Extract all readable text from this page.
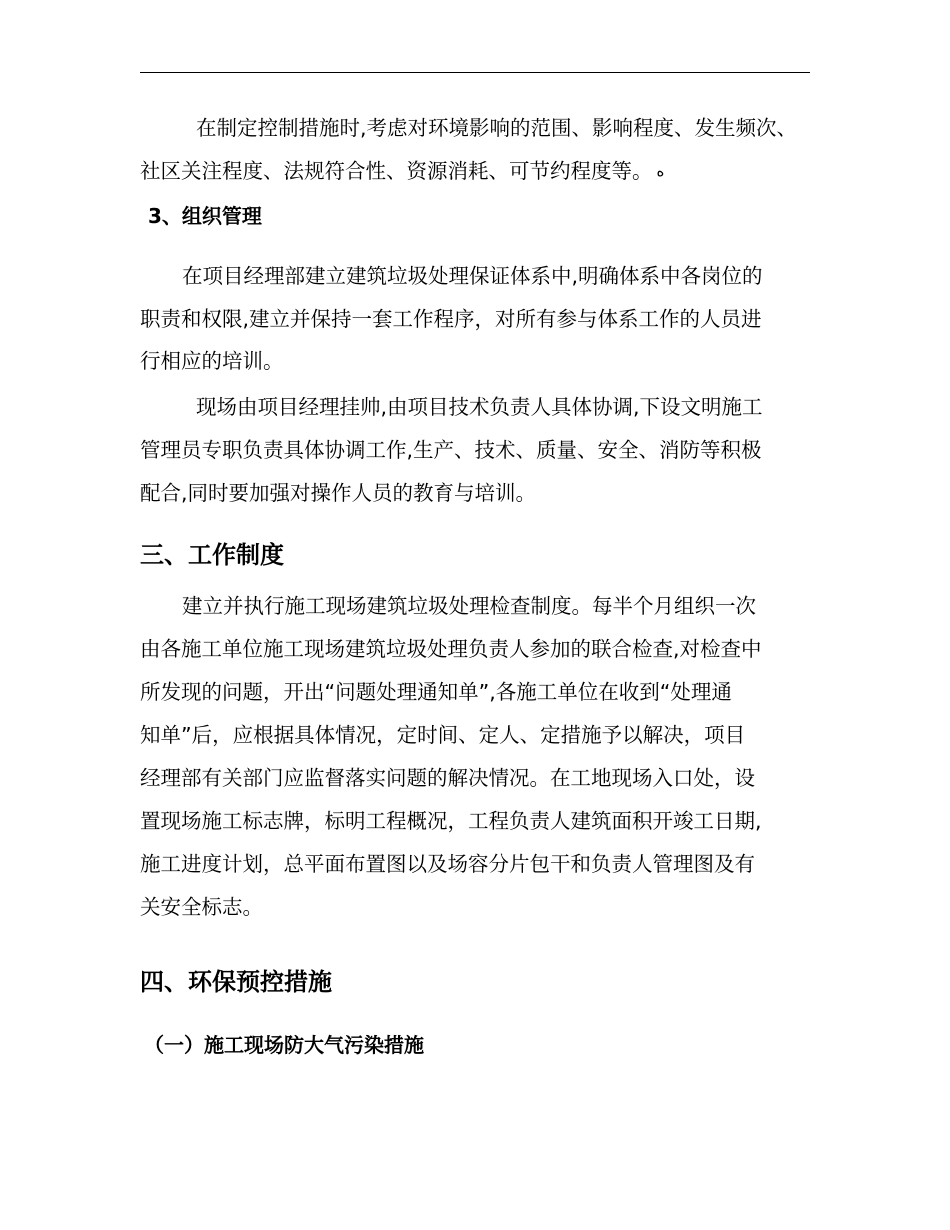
在制定控制措施时,考虑对环境影响的范围、影响程度、发生频次、
社区关注程度、法规符合性、资源消耗、可节约程度等。 ﻩ
3、组织管理
在项目经理部建立建筑垃圾处理保证体系中,明确体系中各岗位的
职责和权限,建立并保持一套工作程序，对所有参与体系工作的人员进
行相应的培训。
现场由项目经理挂帅,由项目技术负责人具体协调,下设文明施工
管理员专职负责具体协调工作,生产、技术、质量、安全、消防等积极
配合,同时要加强对操作人员的教育与培训。
三、工作制度
建立并执行施工现场建筑垃圾处理检查制度。每半个月组织一次
由各施工单位施工现场建筑垃圾处理负责人参加的联合检查,对检查中
所发现的问题，开出“问题处理通知单”,各施工单位在收到“处理通
知单”后，应根据具体情况，定时间、定人、定措施予以解决，项目
经理部有关部门应监督落实问题的解决情况。在工地现场入口处，设
置现场施工标志牌，标明工程概况，工程负责人建筑面积开竣工日期,
施工进度计划，总平面布置图以及场容分片包干和负责人管理图及有
关安全标志。
四、环保预控措施
（一）施工现场防大气污染措施
